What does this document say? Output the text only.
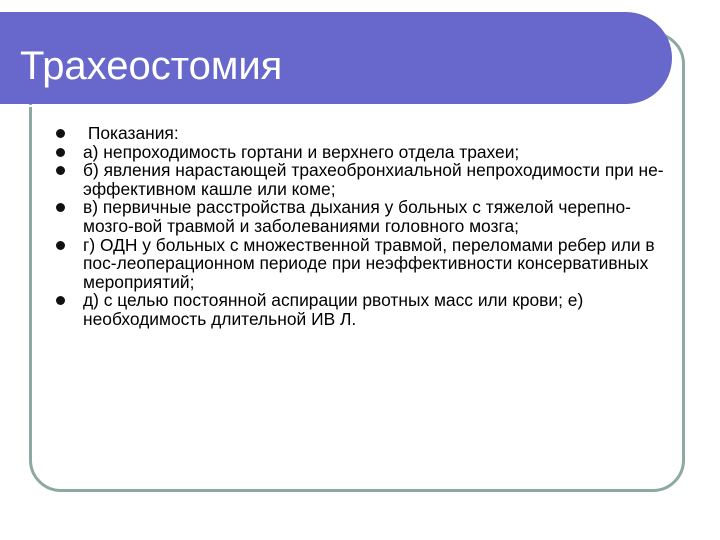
Трахеостомия
Показания:
а) непроходимость гортани и верхнего отдела трахеи;
б) явления нарастающей трахеобронхиальной непроходимости при не-эффективном кашле или коме;
в) первичные расстройства дыхания у больных с тяжелой черепно-мозго-вой травмой и заболеваниями головного мозга;
г) ОДН у больных с множественной травмой, переломами ребер или в пос-леоперационном периоде при неэффективности консервативных мероприятий;
д) с целью постоянной аспирации рвотных масс или крови; е) необходимость длительной ИВ Л.
